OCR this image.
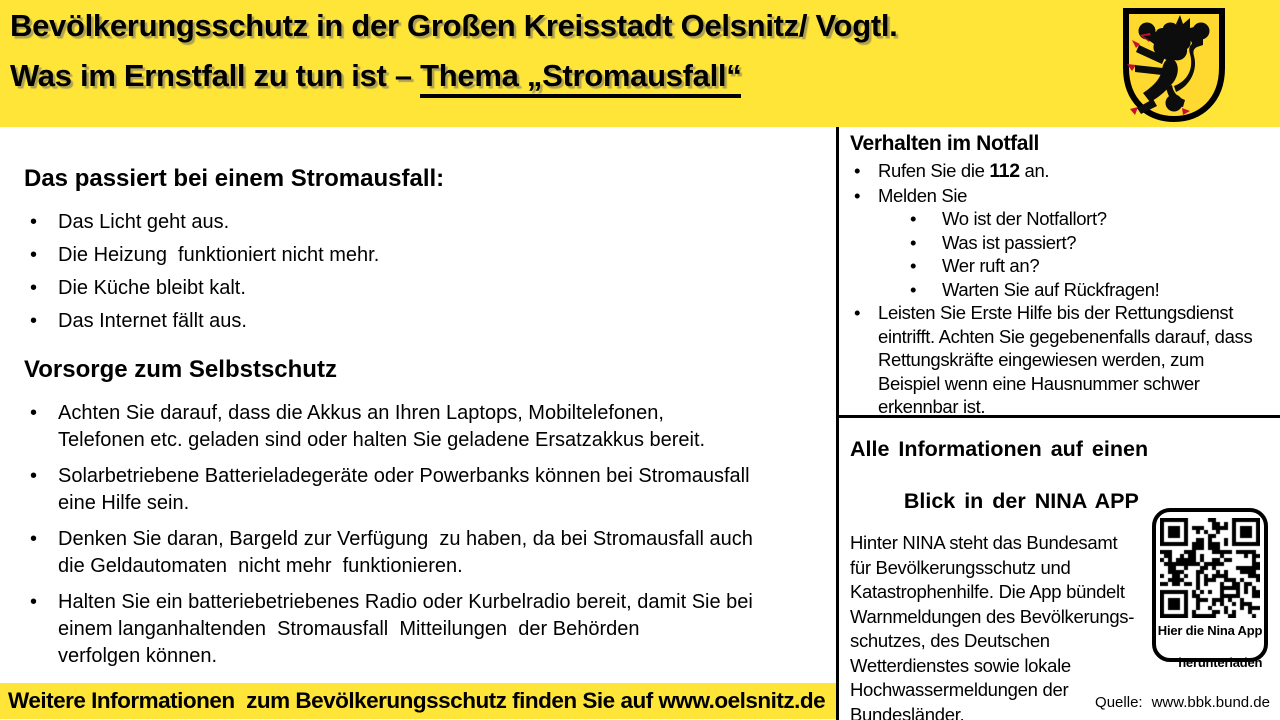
Bevölkerungsschutz in der Großen Kreisstadt Oelsnitz/ Vogtl.
Was im Ernstfall zu tun ist – Thema „Stromausfall“
Das passiert bei einem Stromausfall:
• Das Licht geht aus.
• Die Heizung  funktioniert nicht mehr.
• Die Küche bleibt kalt.
• Das Internet fällt aus.
Vorsorge zum Selbstschutz
• Achten Sie darauf, dass die Akkus an Ihren Laptops, Mobiltelefonen,
Telefonen etc. geladen sind oder halten Sie geladene Ersatzakkus bereit.
• Solarbetriebene Batterieladegeräte oder Powerbanks können bei Stromausfall
eine Hilfe sein.
• Denken Sie daran, Bargeld zur Verfügung  zu haben, da bei Stromausfall auch
die Geldautomaten  nicht mehr  funktionieren.
• Halten Sie ein batteriebetriebenes Radio oder Kurbelradio bereit, damit Sie bei
einem langanhaltenden  Stromausfall  Mitteilungen  der Behörden
verfolgen können.
Verhalten im Notfall
• Rufen Sie die 112 an.
• Melden Sie
• Wo ist der Notfallort?
• Was ist passiert?
• Wer ruft an?
• Warten Sie auf Rückfragen!
• Leisten Sie Erste Hilfe bis der Rettungsdienst
eintrifft. Achten Sie gegebenenfalls darauf, dass
Rettungskräfte eingewiesen werden, zum
Beispiel wenn eine Hausnummer schwer
erkennbar ist.
Alle Informationen auf einen

Blick in der NINA APP
Hinter NINA steht das Bundesamt
für Bevölkerungsschutz und
Katastrophenhilfe. Die App bündelt
Warnmeldungen des Bevölkerungs-
schutzes, des Deutschen
Wetterdienstes sowie lokale
Hochwassermeldungen der
Bundesländer.
Hier die Nina App

herunterladen
Weitere Informationen  zum Bevölkerungsschutz finden Sie auf www.oelsnitz.de	Quelle: www.bbk.bund.de
